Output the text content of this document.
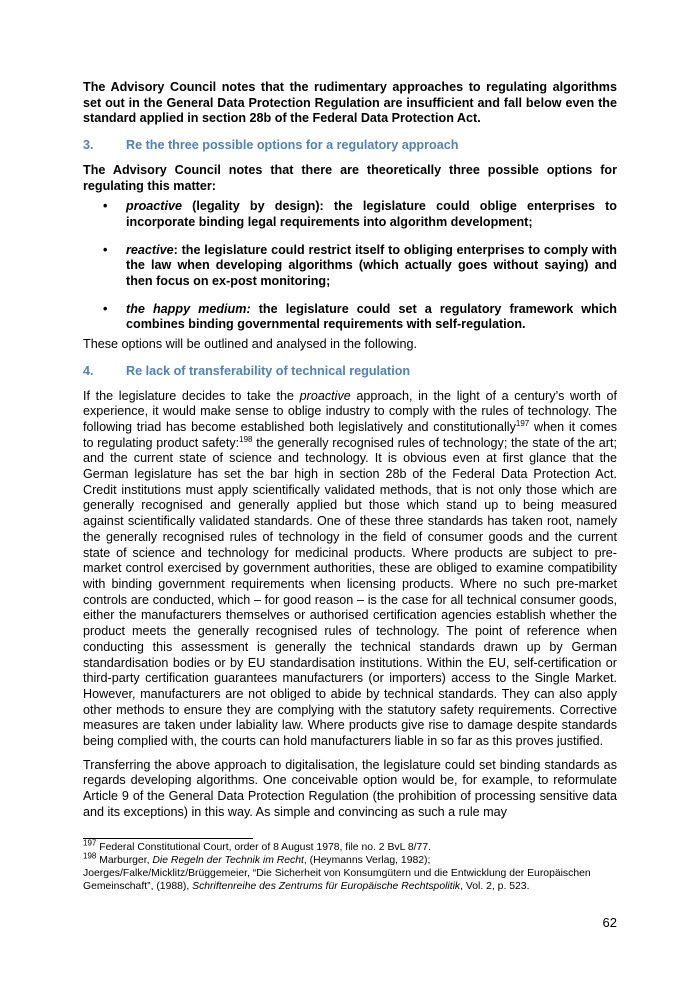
The Advisory Council notes that the rudimentary approaches to regulating algorithms set out in the General Data Protection Regulation are insufficient and fall below even the standard applied in section 28b of the Federal Data Protection Act.

3.	Re the three possible options for a regulatory approach

The Advisory Council notes that there are theoretically three possible options for regulating this matter:

•	proactive (legality by design): the legislature could oblige enterprises to incorporate binding legal requirements into algorithm development;
•	reactive: the legislature could restrict itself to obliging enterprises to comply with the law when developing algorithms (which actually goes without saying) and then focus on ex-post monitoring;
•	the happy medium: the legislature could set a regulatory framework which combines binding governmental requirements with self-regulation.

These options will be outlined and analysed in the following.

4.	Re lack of transferability of technical regulation

If the legislature decides to take the proactive approach, in the light of a century’s worth of experience, it would make sense to oblige industry to comply with the rules of technology. The following triad has become established both legislatively and constitutionally$^{197}$ when it comes to regulating product safety:$^{198}$ the generally recognised rules of technology; the state of the art; and the current state of science and technology. It is obvious even at first glance that the German legislature has set the bar high in section 28b of the Federal Data Protection Act. Credit institutions must apply scientifically validated methods, that is not only those which are generally recognised and generally applied but those which stand up to being measured against scientifically validated standards. One of these three standards has taken root, namely the generally recognised rules of technology in the field of consumer goods and the current state of science and technology for medicinal products. Where products are subject to pre-market control exercised by government authorities, these are obliged to examine compatibility with binding government requirements when licensing products. Where no such pre-market controls are conducted, which – for good reason – is the case for all technical consumer goods, either the manufacturers themselves or authorised certification agencies establish whether the product meets the generally recognised rules of technology. The point of reference when conducting this assessment is generally the technical standards drawn up by German standardisation bodies or by EU standardisation institutions. Within the EU, self-certification or third-party certification guarantees manufacturers (or importers) access to the Single Market. However, manufacturers are not obliged to abide by technical standards. They can also apply other methods to ensure they are complying with the statutory safety requirements. Corrective measures are taken under labiality law. Where products give rise to damage despite standards being complied with, the courts can hold manufacturers liable in so far as this proves justified.

Transferring the above approach to digitalisation, the legislature could set binding standards as regards developing algorithms. One conceivable option would be, for example, to reformulate Article 9 of the General Data Protection Regulation (the prohibition of processing sensitive data and its exceptions) in this way. As simple and convincing as such a rule may

$^{197}$ Federal Constitutional Court, order of 8 August 1978, file no. 2 BvL 8/77.

$^{198}$ Marburger, Die Regeln der Technik im Recht, (Heymanns Verlag, 1982);

Joerges/Falke/Micklitz/Brüggemeier, “Die Sicherheit von Konsumgütern und die Entwicklung der Europäischen Gemeinschaft”, (1988), Schriftenreihe des Zentrums für Europäische Rechtspolitik, Vol. 2, p. 523.

62
